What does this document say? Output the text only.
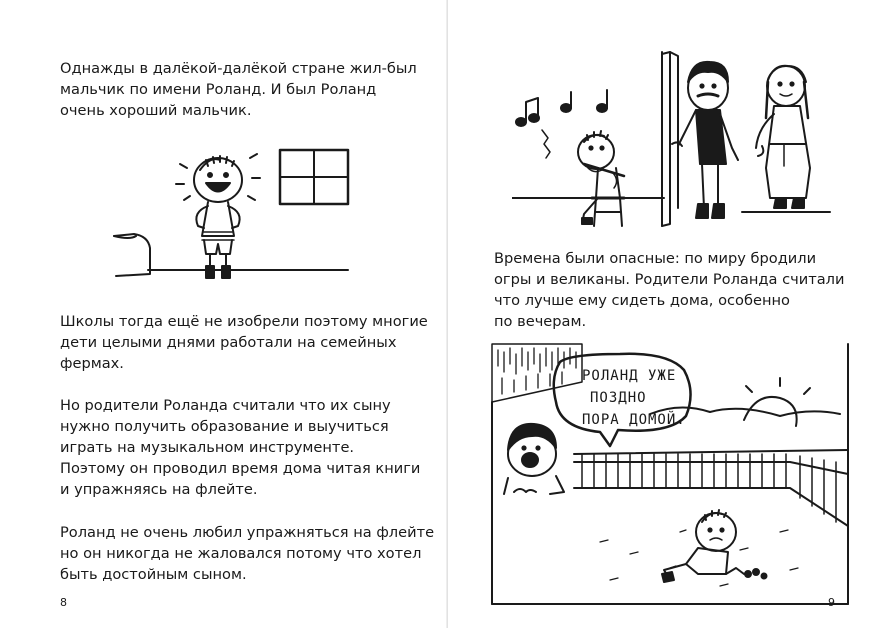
Однажды в далёкой-далёкой стране жил-был
мальчик по имени Роланд. И был Роланд
очень хороший мальчик.
Школы тогда ещё не изобрели поэтому многие
дети целыми днями работали на семейных
фермах.
Но родители Роланда считали что их сыну
нужно получить образование и выучиться
играть на музыкальном инструменте.
Поэтому он проводил время дома читая книги
и упражняясь на флейте.
Роланд не очень любил упражняться на флейте
но он никогда не жаловался потому что хотел
быть достойным сыном.
8
Времена были опасные: по миру бродили
огры и великаны. Родители Роланда считали
что лучше ему сидеть дома, особенно
по вечерам.
РОЛАНД УЖЕ
ПОЗДНО
ПОРА ДОМОЙ.
9
